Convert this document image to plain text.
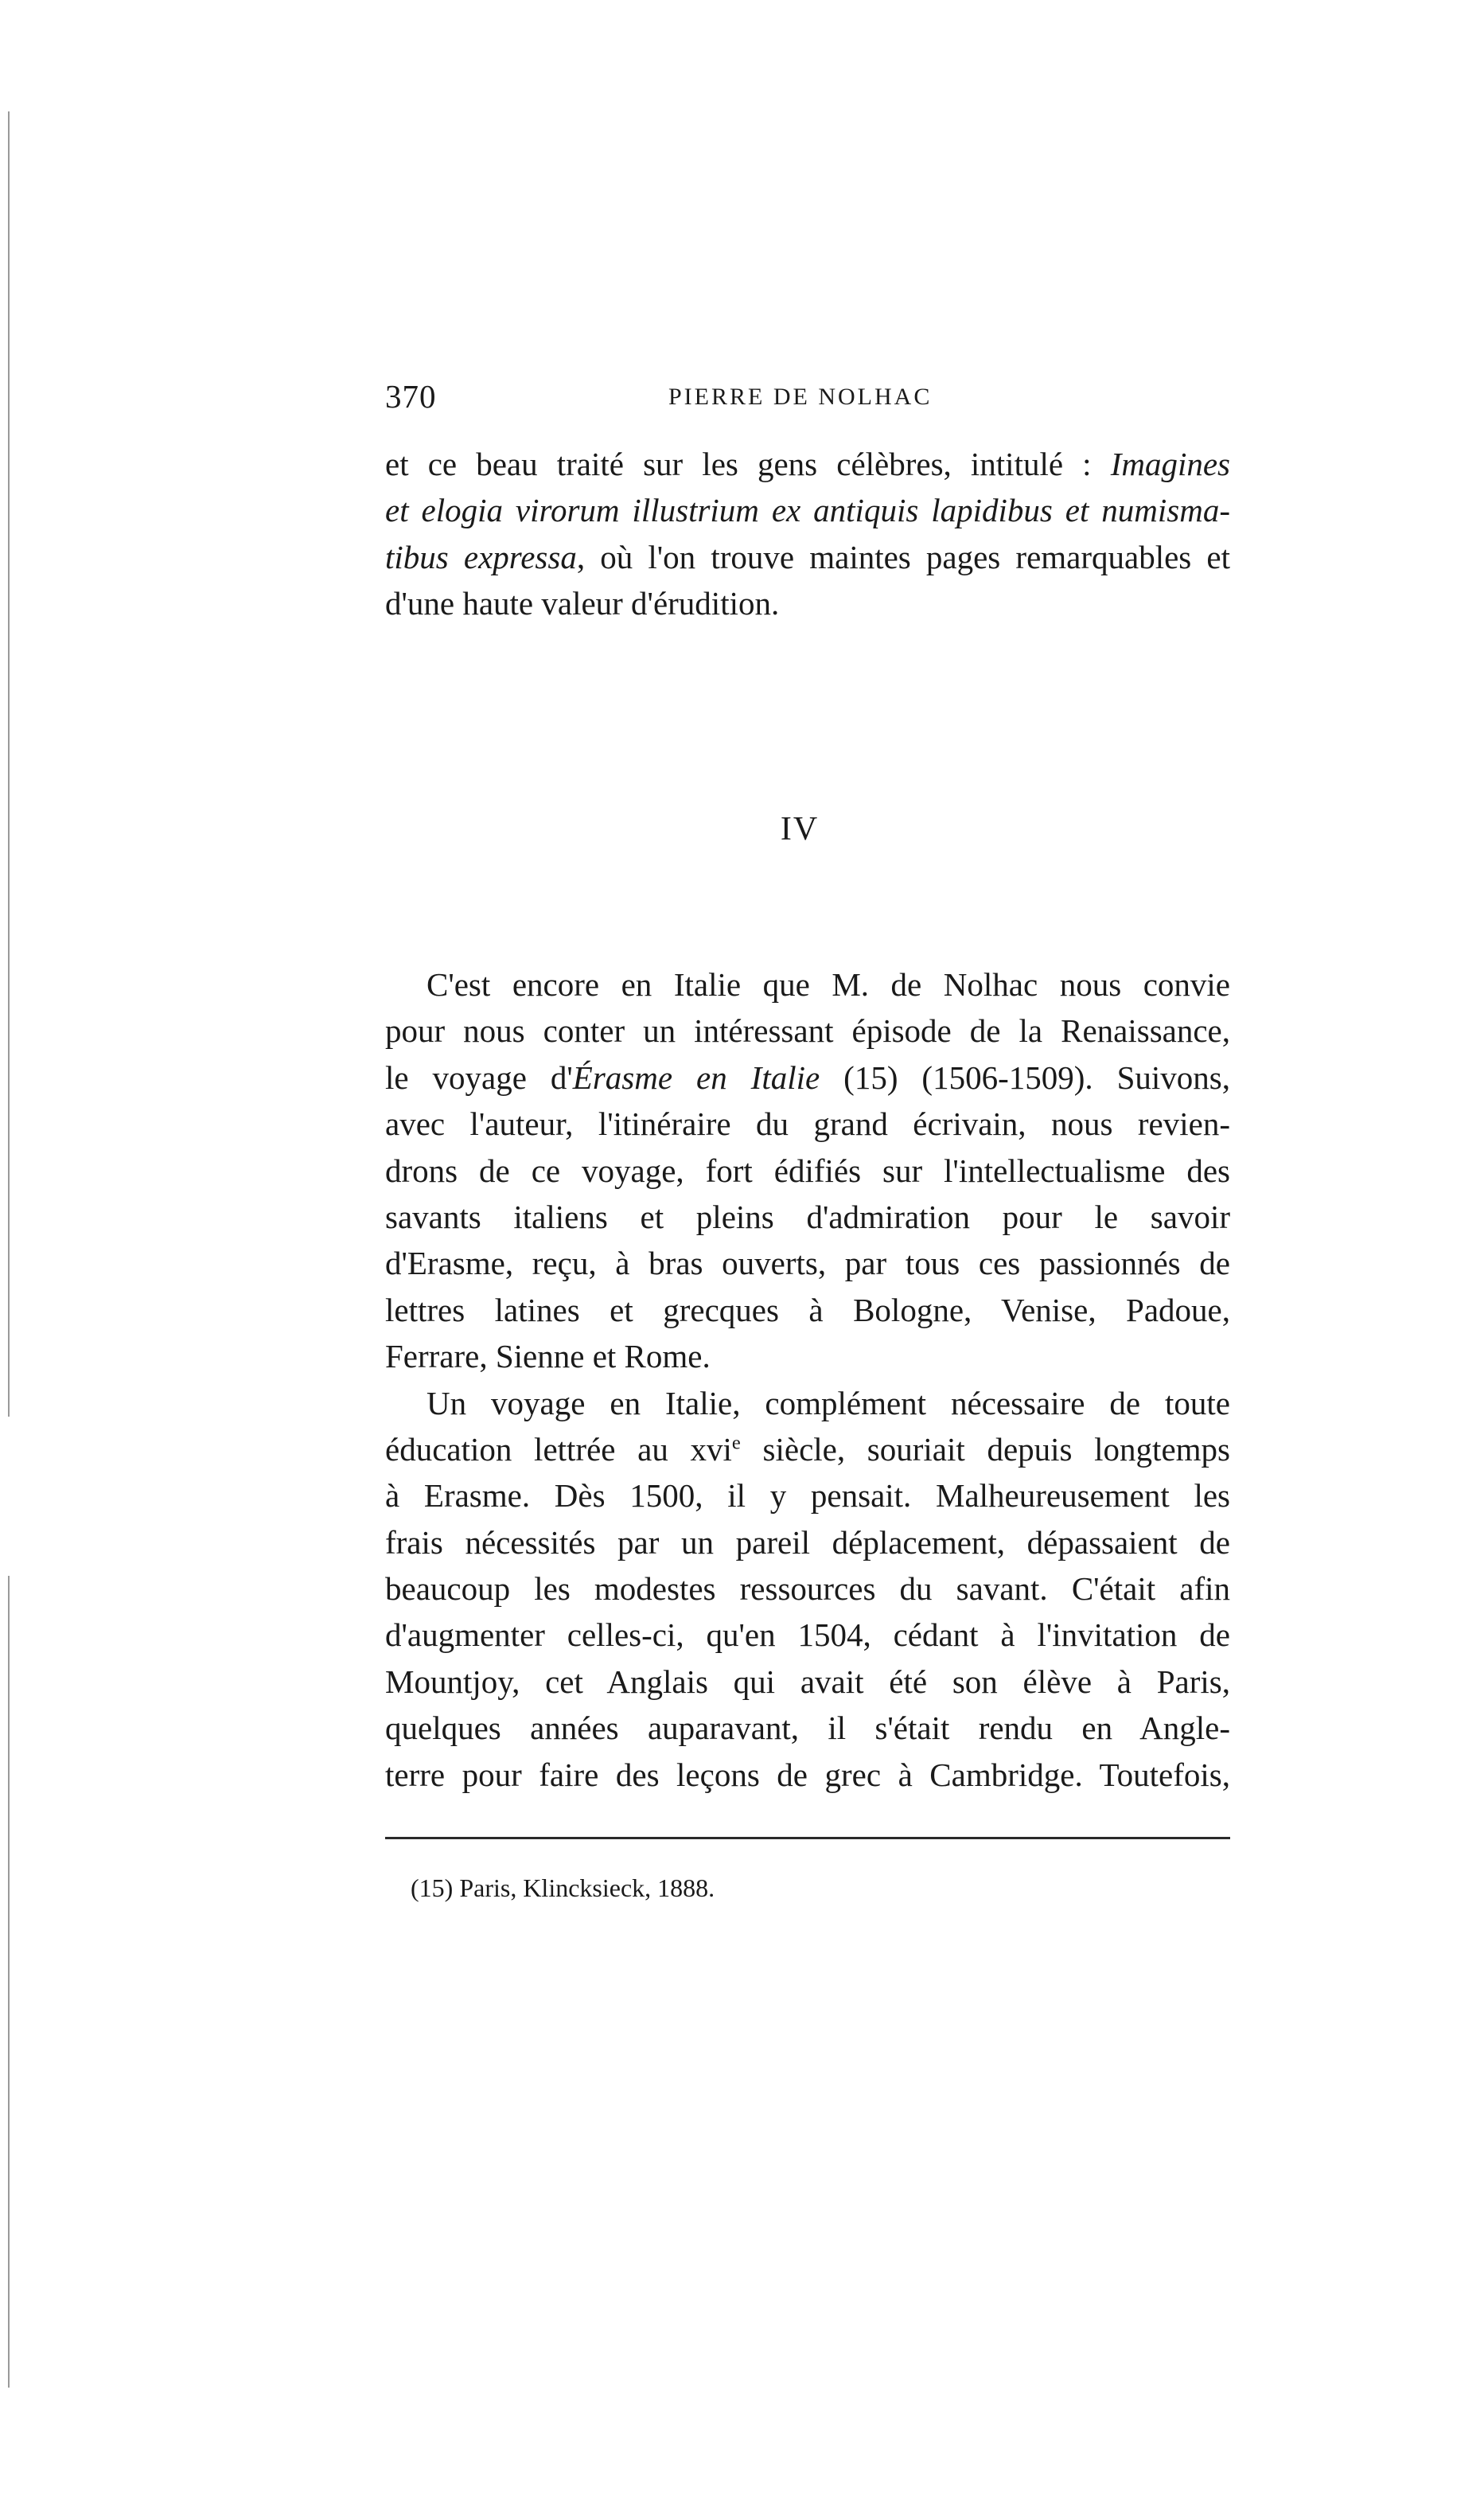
370	PIERRE DE NOLHAC
et ce beau traité sur les gens célèbres, intitulé : Imagines
et elogia virorum illustrium ex antiquis lapidibus et numisma-
tibus expressa, où l'on trouve maintes pages remarquables et
d'une haute valeur d'érudition.
IV
C'est encore en Italie que M. de Nolhac nous convie
pour nous conter un intéressant épisode de la Renaissance,
le voyage d'Érasme en Italie (15) (1506-1509). Suivons,
avec l'auteur, l'itinéraire du grand écrivain, nous revien-
drons de ce voyage, fort édifiés sur l'intellectualisme des
savants italiens et pleins d'admiration pour le savoir
d'Erasme, reçu, à bras ouverts, par tous ces passionnés de
lettres latines et grecques à Bologne, Venise, Padoue,
Ferrare, Sienne et Rome.
Un voyage en Italie, complément nécessaire de toute
éducation lettrée au xvi$^e$ siècle, souriait depuis longtemps
à Erasme. Dès 1500, il y pensait. Malheureusement les
frais nécessités par un pareil déplacement, dépassaient de
beaucoup les modestes ressources du savant. C'était afin
d'augmenter celles-ci, qu'en 1504, cédant à l'invitation de
Mountjoy, cet Anglais qui avait été son élève à Paris,
quelques années auparavant, il s'était rendu en Angle-
terre pour faire des leçons de grec à Cambridge. Toutefois,
(15) Paris, Klincksieck, 1888.
